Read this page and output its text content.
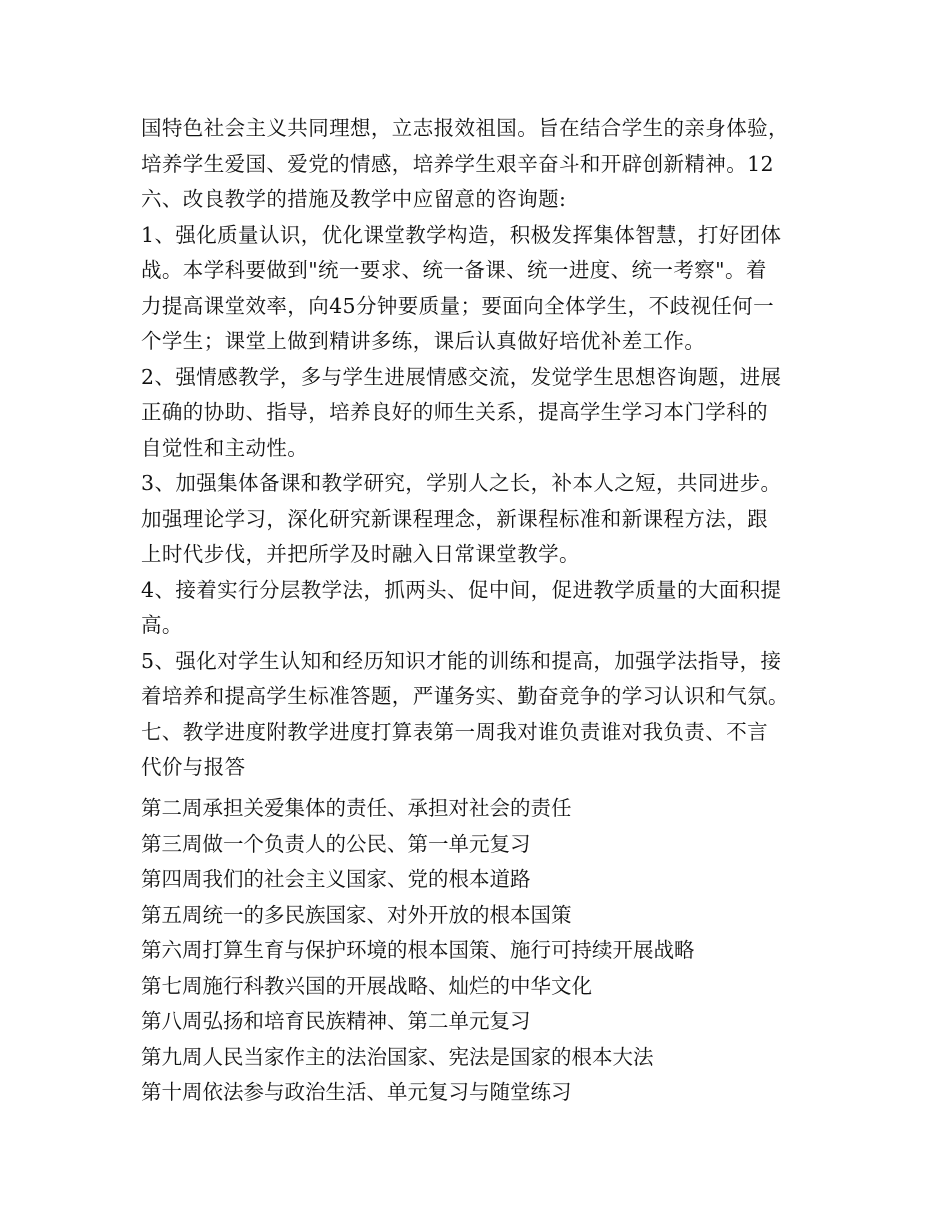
国特色社会主义共同理想，立志报效祖国。旨在结合学生的亲身体验，
培养学生爱国、爱党的情感，培养学生艰辛奋斗和开辟创新精神。12
六、改良教学的措施及教学中应留意的咨询题:
1、强化质量认识，优化课堂教学构造，积极发挥集体智慧，打好团体
战。本学科要做到"统一要求、统一备课、统一进度、统一考察"。着
力提高课堂效率，向45分钟要质量；要面向全体学生，不歧视任何一
个学生；课堂上做到精讲多练，课后认真做好培优补差工作。
2、强情感教学，多与学生进展情感交流，发觉学生思想咨询题，进展
正确的协助、指导，培养良好的师生关系，提高学生学习本门学科的
自觉性和主动性。
3、加强集体备课和教学研究，学别人之长，补本人之短，共同进步。
加强理论学习，深化研究新课程理念，新课程标准和新课程方法，跟
上时代步伐，并把所学及时融入日常课堂教学。
4、接着实行分层教学法，抓两头、促中间，促进教学质量的大面积提
高。
5、强化对学生认知和经历知识才能的训练和提高，加强学法指导，接
着培养和提高学生标准答题，严谨务实、勤奋竞争的学习认识和气氛。
七、教学进度附教学进度打算表第一周我对谁负责谁对我负责、不言
代价与报答
第二周承担关爱集体的责任、承担对社会的责任
第三周做一个负责人的公民、第一单元复习
第四周我们的社会主义国家、党的根本道路
第五周统一的多民族国家、对外开放的根本国策
第六周打算生育与保护环境的根本国策、施行可持续开展战略
第七周施行科教兴国的开展战略、灿烂的中华文化
第八周弘扬和培育民族精神、第二单元复习
第九周人民当家作主的法治国家、宪法是国家的根本大法
第十周依法参与政治生活、单元复习与随堂练习
